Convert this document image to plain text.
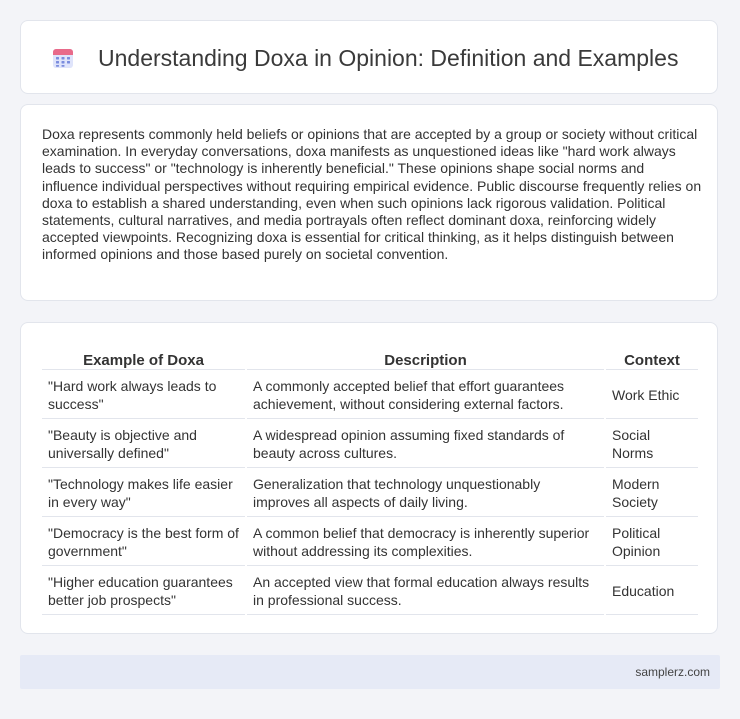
Understanding Doxa in Opinion: Definition and Examples

Doxa represents commonly held beliefs or opinions that are accepted by a group or society without critical examination. In everyday conversations, doxa manifests as unquestioned ideas like "hard work always leads to success" or "technology is inherently beneficial." These opinions shape social norms and influence individual perspectives without requiring empirical evidence. Public discourse frequently relies on doxa to establish a shared understanding, even when such opinions lack rigorous validation. Political statements, cultural narratives, and media portrayals often reflect dominant doxa, reinforcing widely accepted viewpoints. Recognizing doxa is essential for critical thinking, as it helps distinguish between informed opinions and those based purely on societal convention.

Example of Doxa	Description	Context
"Hard work always leads to success"	A commonly accepted belief that effort guarantees achievement, without considering external factors.	Work Ethic
"Beauty is objective and universally defined"	A widespread opinion assuming fixed standards of beauty across cultures.	Social Norms
"Technology makes life easier in every way"	Generalization that technology unquestionably improves all aspects of daily living.	Modern Society
"Democracy is the best form of government"	A common belief that democracy is inherently superior without addressing its complexities.	Political Opinion
"Higher education guarantees better job prospects"	An accepted view that formal education always results in professional success.	Education
samplerz.com
